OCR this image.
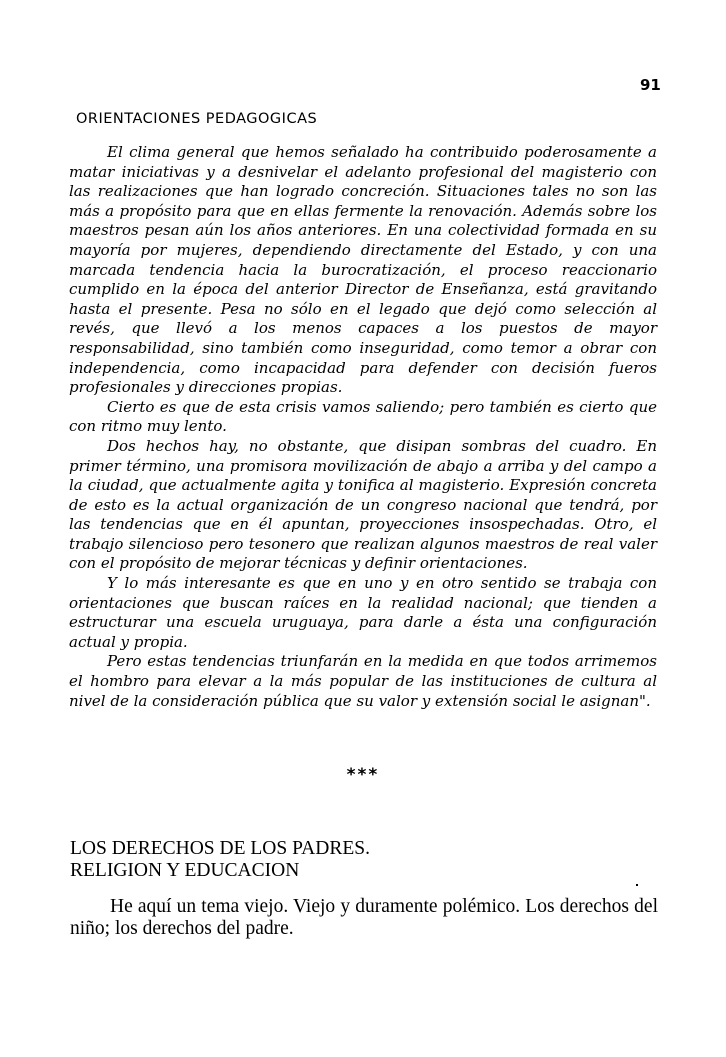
91
ORIENTACIONES PEDAGOGICAS

El clima general que hemos señalado ha contribuido poderosamente a matar iniciativas y a desnivelar el adelanto profesional del magisterio con las realizaciones que han logrado concreción. Situaciones tales no son las más a propósito para que en ellas fermente la renovación. Además sobre los maestros pesan aún los años anteriores. En una colectividad formada en su mayoría por mujeres, dependiendo directamente del Estado, y con una marcada tendencia hacia la burocratización, el proceso reaccionario cumplido en la época del anterior Director de Enseñanza, está gravitando hasta el presente. Pesa no sólo en el legado que dejó como selección al revés, que llevó a los menos capaces a los puestos de mayor responsabilidad, sino también como inseguridad, como temor a obrar con independencia, como incapacidad para defender con decisión fueros profesionales y direcciones propias.

Cierto es que de esta crisis vamos saliendo; pero también es cierto que con ritmo muy lento.

Dos hechos hay, no obstante, que disipan sombras del cuadro. En primer término, una promisora movilización de abajo a arriba y del campo a la ciudad, que actualmente agita y tonifica al magisterio. Expresión concreta de esto es la actual organización de un congreso nacional que tendrá, por las tendencias que en él apuntan, proyecciones insospechadas. Otro, el trabajo silencioso pero tesonero que realizan algunos maestros de real valer con el propósito de mejorar técnicas y definir orientaciones.

Y lo más interesante es que en uno y en otro sentido se trabaja con orientaciones que buscan raíces en la realidad nacional; que tienden a estructurar una escuela uruguaya, para darle a ésta una configuración actual y propia.

Pero estas tendencias triunfarán en la medida en que todos arrimemos el hombro para elevar a la más popular de las instituciones de cultura al nivel de la consideración pública que su valor y extensión social le asignan".

***
LOS DERECHOS DE LOS PADRES.
RELIGION Y EDUCACION

He aquí un tema viejo. Viejo y duramente polémico. Los derechos del niño; los derechos del padre.
